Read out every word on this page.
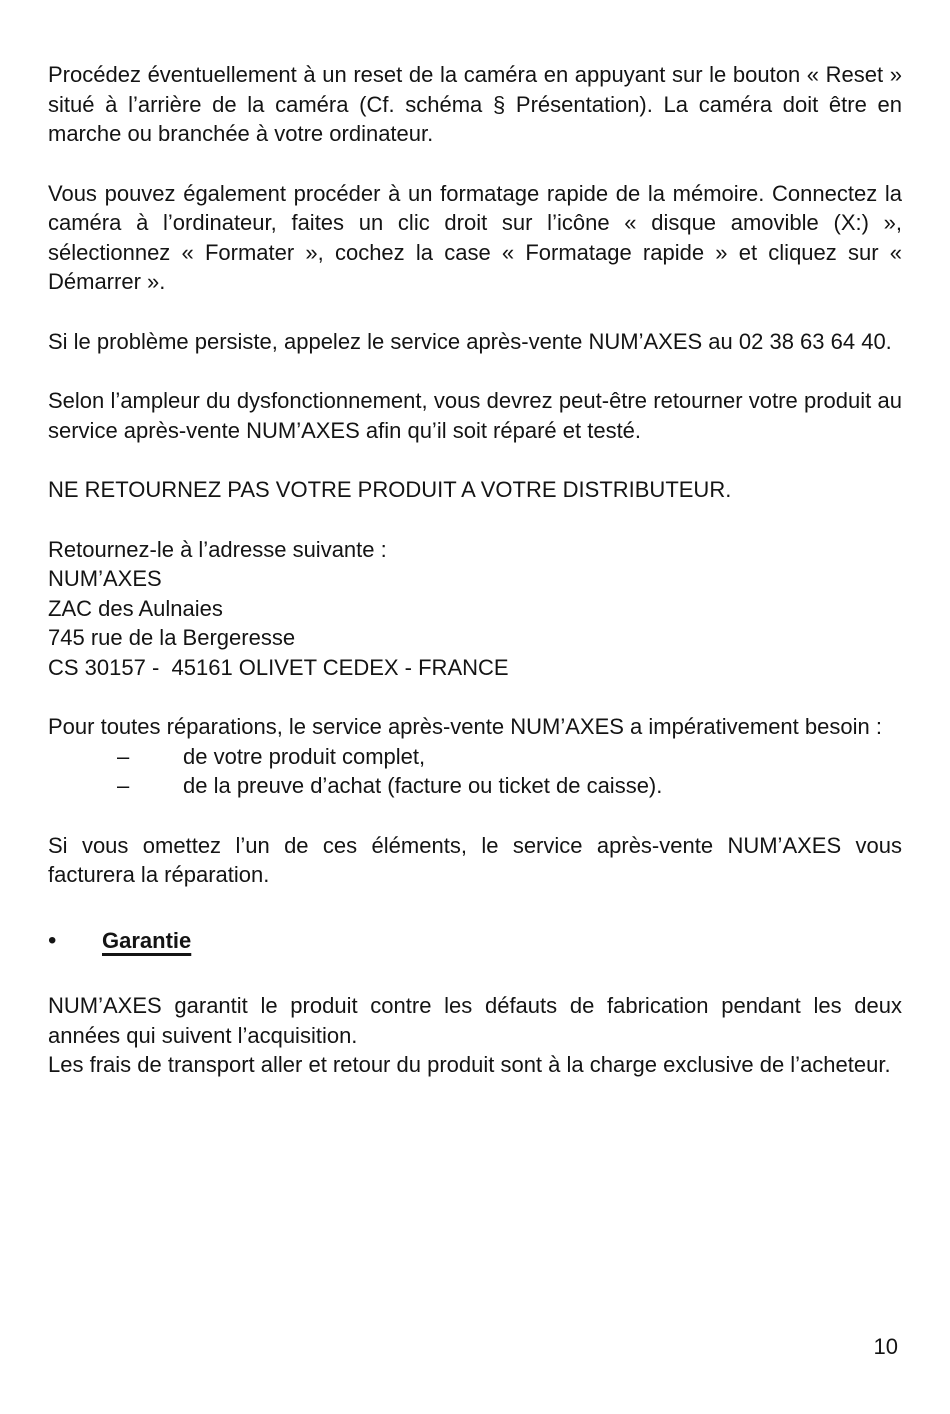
Procédez éventuellement à un reset de la caméra en appuyant sur le bouton « Reset » situé à l’arrière de la caméra (Cf. schéma § Présentation). La caméra doit être en marche ou branchée à votre ordinateur.

Vous pouvez également procéder à un formatage rapide de la mémoire. Connectez la caméra à l’ordinateur, faites un clic droit sur l’icône « disque amovible (X:) », sélectionnez « Formater », cochez la case « Formatage rapide » et cliquez sur « Démarrer ».

Si le problème persiste, appelez le service après-vente NUM’AXES au 02 38 63 64 40.

Selon l’ampleur du dysfonctionnement, vous devrez peut-être retourner votre produit au service après-vente NUM’AXES afin qu’il soit réparé et testé.

NE RETOURNEZ PAS VOTRE PRODUIT A VOTRE DISTRIBUTEUR.

Retournez-le à l’adresse suivante :
NUM’AXES
ZAC des Aulnaies
745 rue de la Bergeresse
CS 30157 -  45161 OLIVET CEDEX - FRANCE

Pour toutes réparations, le service après-vente NUM’AXES a impérativement besoin :

–	de votre produit complet,
–	de la preuve d’achat (facture ou ticket de caisse).

Si vous omettez l’un de ces éléments, le service après-vente NUM’AXES vous facturera la réparation.

• Garantie

NUM’AXES garantit le produit contre les défauts de fabrication pendant les deux années qui suivent l’acquisition.

Les frais de transport aller et retour du produit sont à la charge exclusive de l’acheteur.

10
